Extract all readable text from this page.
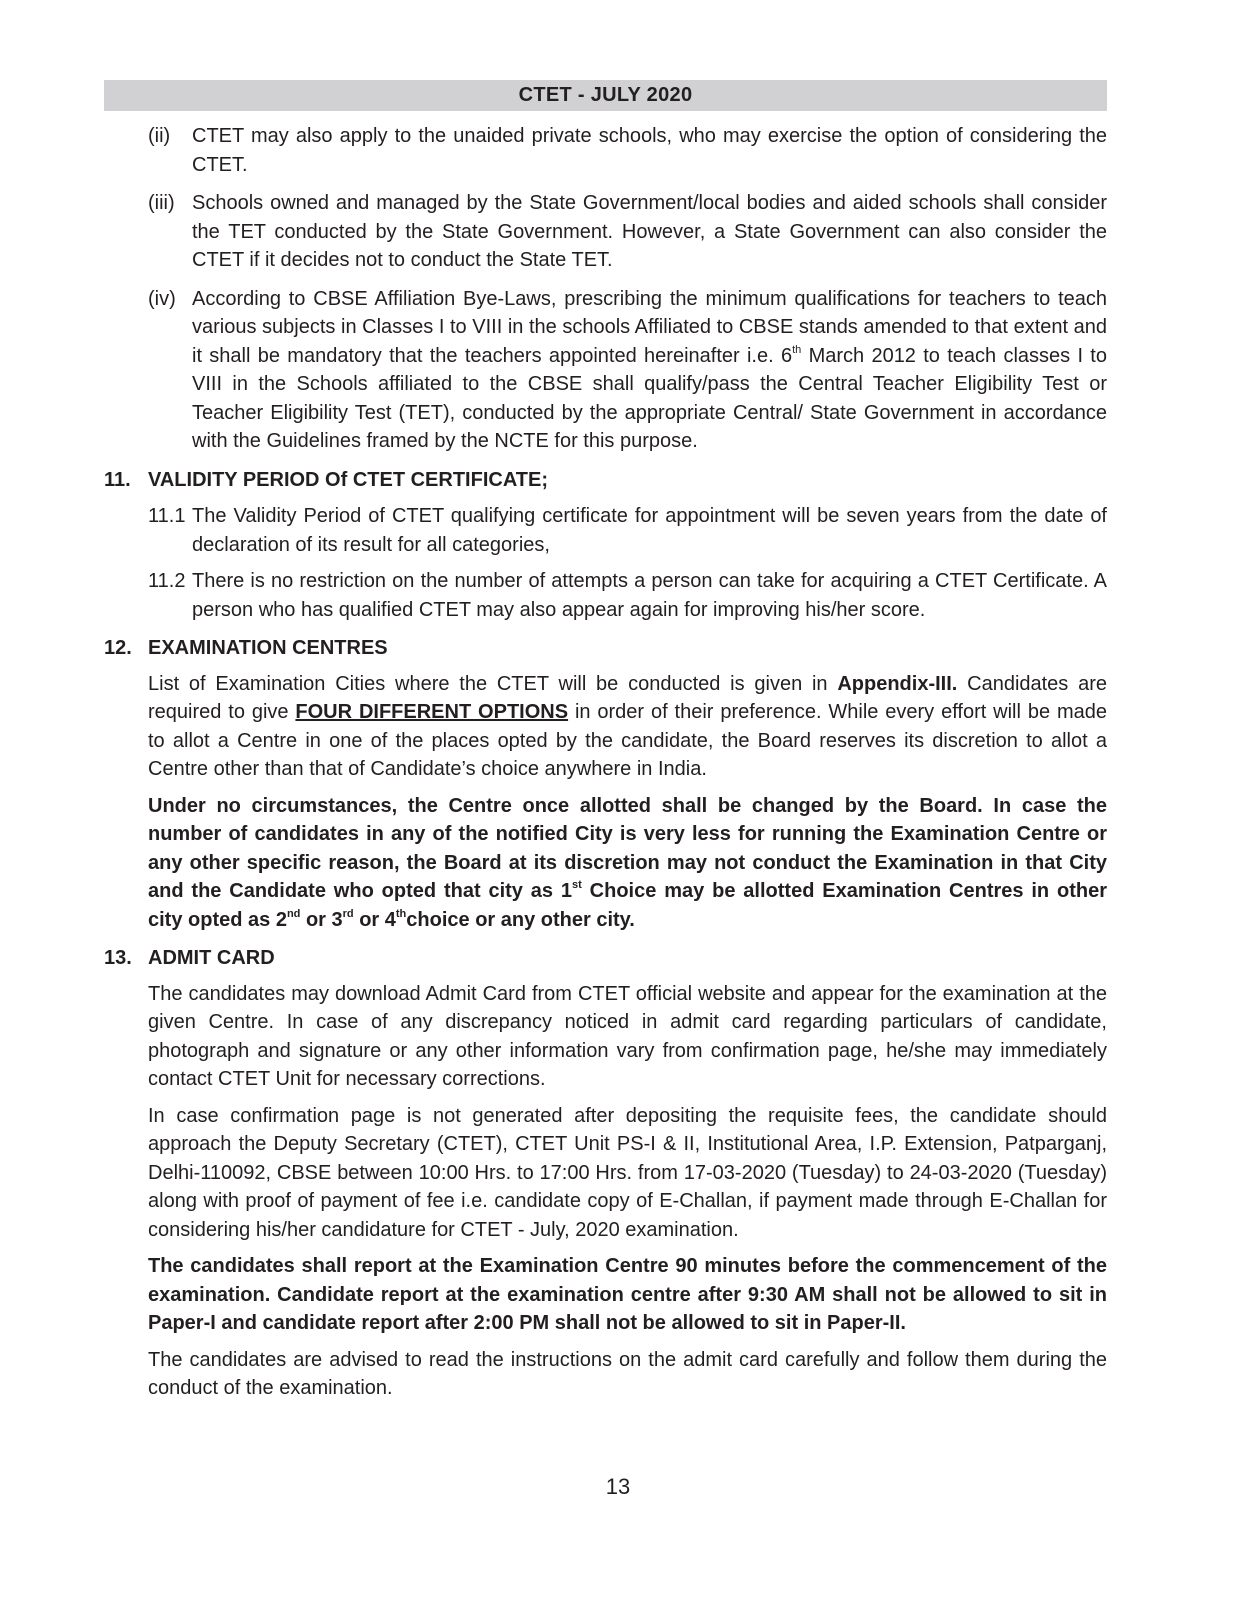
CTET - JULY 2020
(ii)	CTET may also apply to the unaided private schools, who may exercise the option of considering the CTET.

(iii) Schools owned and managed by the State Government/local bodies and aided schools shall consider the TET conducted by the State Government. However, a State Government can also consider the CTET if it decides not to conduct the State TET.

(iv) According to CBSE Affiliation Bye-Laws, prescribing the minimum qualifications for teachers to teach various subjects in Classes I to VIII in the schools Affiliated to CBSE stands amended to that extent and it shall be mandatory that the teachers appointed hereinafter i.e. 6th March 2012 to teach classes I to VIII in the Schools affiliated to the CBSE shall qualify/pass the Central Teacher Eligibility Test or Teacher Eligibility Test (TET), conducted by the appropriate Central/ State Government in accordance with the Guidelines framed by the NCTE for this purpose.

11. VALIDITY PERIOD Of CTET CERTIFICATE;
11.1 The Validity Period of CTET qualifying certificate for appointment will be seven years from the date of declaration of its result for all categories,

11.2 There is no restriction on the number of attempts a person can take for acquiring a CTET Certificate. A person who has qualified CTET may also appear again for improving his/her score.

12. EXAMINATION CENTRES

List of Examination Cities where the CTET will be conducted is given in Appendix-III. Candidates are required to give FOUR DIFFERENT OPTIONS in order of their preference. While every effort will be made to allot a Centre in one of the places opted by the candidate, the Board reserves its discretion to allot a Centre other than that of Candidate’s choice anywhere in India.

Under no circumstances, the Centre once allotted shall be changed by the Board. In case the number of candidates in any of the notified City is very less for running the Examination Centre or any other specific reason, the Board at its discretion may not conduct the Examination in that City and the Candidate who opted that city as 1st Choice may be allotted Examination Centres in other city opted as 2nd or 3rd or 4thchoice or any other city.

13. ADMIT CARD

The candidates may download Admit Card from CTET official website and appear for the examination at the given Centre. In case of any discrepancy noticed in admit card regarding particulars of candidate, photograph and signature or any other information vary from confirmation page, he/she may immediately contact CTET Unit for necessary corrections.

In case confirmation page is not generated after depositing the requisite fees, the candidate should approach the Deputy Secretary (CTET), CTET Unit PS-I & II, Institutional Area, I.P. Extension, Patparganj, Delhi-110092, CBSE between 10:00 Hrs. to 17:00 Hrs. from 17-03-2020 (Tuesday) to 24-03-2020 (Tuesday) along with proof of payment of fee i.e. candidate copy of E-Challan, if payment made through E-Challan for considering his/her candidature for CTET - July, 2020 examination.

The candidates shall report at the Examination Centre 90 minutes before the commencement of the examination. Candidate report at the examination centre after 9:30 AM shall not be allowed to sit in Paper-I and candidate report after 2:00 PM shall not be allowed to sit in Paper-II.

The candidates are advised to read the instructions on the admit card carefully and follow them during the conduct of the examination.

13
